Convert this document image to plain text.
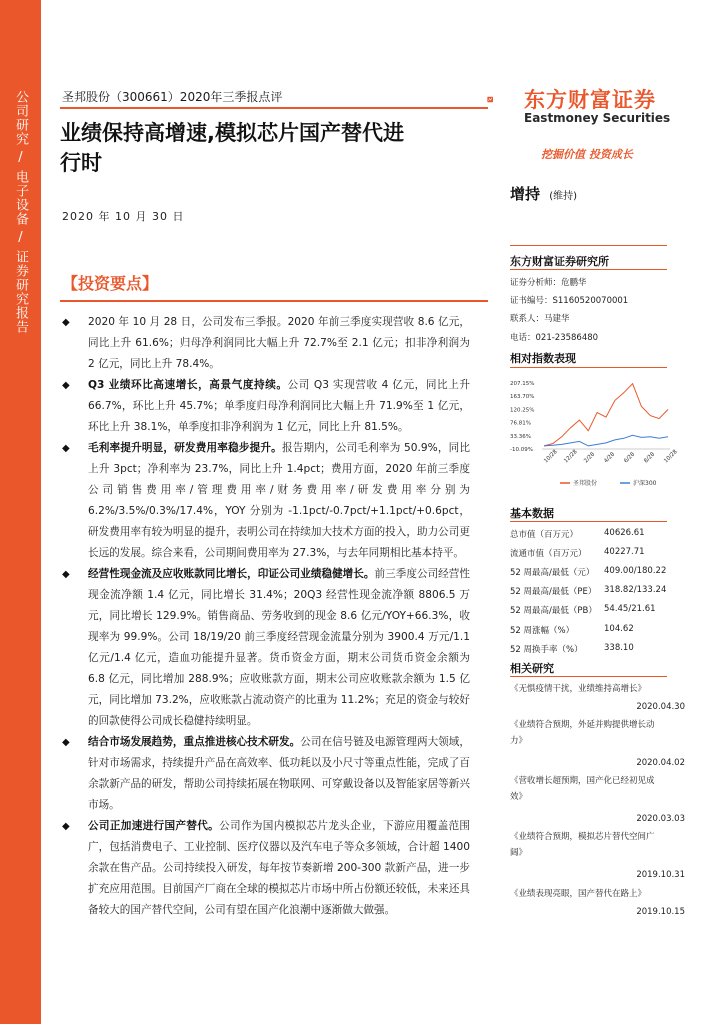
公司研究
/
电子设备
/
证券研究报告
圣邦股份（300661）2020年三季报点评
业绩保持高增速,模拟芯片国产替代进
行时
2020 年 10 月 30 日
东方财富证券
Eastmoney Securities
挖掘价值 投资成长
增持 (维持)
【投资要点】
◆ 2020 年 10 月 28 日，公司发布三季报。2020 年前三季度实现营收 8.6 亿元，同比上升 61.6%；归母净利润同比大幅上升 72.7%至 2.1 亿元；扣非净利润为 2 亿元，同比上升 78.4%。
◆ Q3 业绩环比高速增长，高景气度持续。公司 Q3 实现营收 4 亿元，同比上升 66.7%，环比上升 45.7%；单季度归母净利润同比大幅上升 71.9%至 1 亿元，环比上升 38.1%，单季度扣非净利润为 1 亿元，同比上升 81.5%。
◆ 毛利率提升明显，研发费用率稳步提升。报告期内，公司毛利率为 50.9%，同比上升 3pct；净利率为 23.7%，同比上升 1.4pct；费用方面，2020 年前三季度公司销售费用率/管理费用率/财务费用率/研发费用率分别为 6.2%/3.5%/0.3%/17.4%，YOY 分别为 -1.1pct/-0.7pct/+1.1pct/+0.6pct，研发费用率有较为明显的提升，表明公司在持续加大技术方面的投入，助力公司更长远的发展。综合来看，公司期间费用率为 27.3%，与去年同期相比基本持平。
◆ 经营性现金流及应收账款同比增长，印证公司业绩稳健增长。前三季度公司经营性现金流净额 1.4 亿元，同比增长 31.4%；20Q3 经营性现金流净额 8806.5 万元，同比增长 129.9%。销售商品、劳务收到的现金 8.6 亿元/YOY+66.3%，收现率为 99.9%。公司 18/19/20 前三季度经营现金流量分别为 3900.4 万元/1.1 亿元/1.4 亿元，造血功能提升显著。货币资金方面，期末公司货币资金余额为 6.8 亿元，同比增加 288.9%；应收账款方面，期末公司应收账款余额为 1.5 亿元，同比增加 73.2%，应收账款占流动资产的比重为 11.2%；充足的资金与较好的回款使得公司成长稳健持续明显。
◆ 结合市场发展趋势，重点推进核心技术研发。公司在信号链及电源管理两大领域，针对市场需求，持续提升产品在高效率、低功耗以及小尺寸等重点性能，完成了百余款新产品的研发，帮助公司持续拓展在物联网、可穿戴设备以及智能家居等新兴市场。
◆ 公司正加速进行国产替代。公司作为国内模拟芯片龙头企业，下游应用覆盖范围广，包括消费电子、工业控制、医疗仪器以及汽车电子等众多领域，合计超 1400 余款在售产品。公司持续投入研发，每年按节奏新增 200-300 款新产品，进一步扩充应用范围。目前国产厂商在全球的模拟芯片市场中所占份额还较低，未来还具备较大的国产替代空间，公司有望在国产化浪潮中逐渐做大做强。
东方财富证券研究所
证券分析师：危鹏华
证书编号：S1160520070001
联系人：马建华
电话：021-23586480
相对指数表现
207.15%
163.70%
120.25%
76.81%
33.36%
-10.09% 10/28 12/28 2/28 4/28 6/28 8/28 10/28
圣邦股份	沪深300
基本数据
总市值（百万元）	40626.61
流通市值（百万元） 40227.71
52 周最高/最低（元） 409.00/180.22
52 周最高/最低（PE） 318.82/133.24
52 周最高/最低（PB） 54.45/21.61
52 周涨幅（%）	104.62
52 周换手率（%）	338.10
相关研究
《无惧疫情干扰，业绩维持高增长》
2020.04.30
《业绩符合预期，外延并购提供增长动
力》
2020.04.02
《营收增长超预期，国产化已经初见成
效》
2020.03.03
《业绩符合预期，模拟芯片替代空间广
阔》
2019.10.31
《业绩表现亮眼，国产替代在路上》
2019.10.15
